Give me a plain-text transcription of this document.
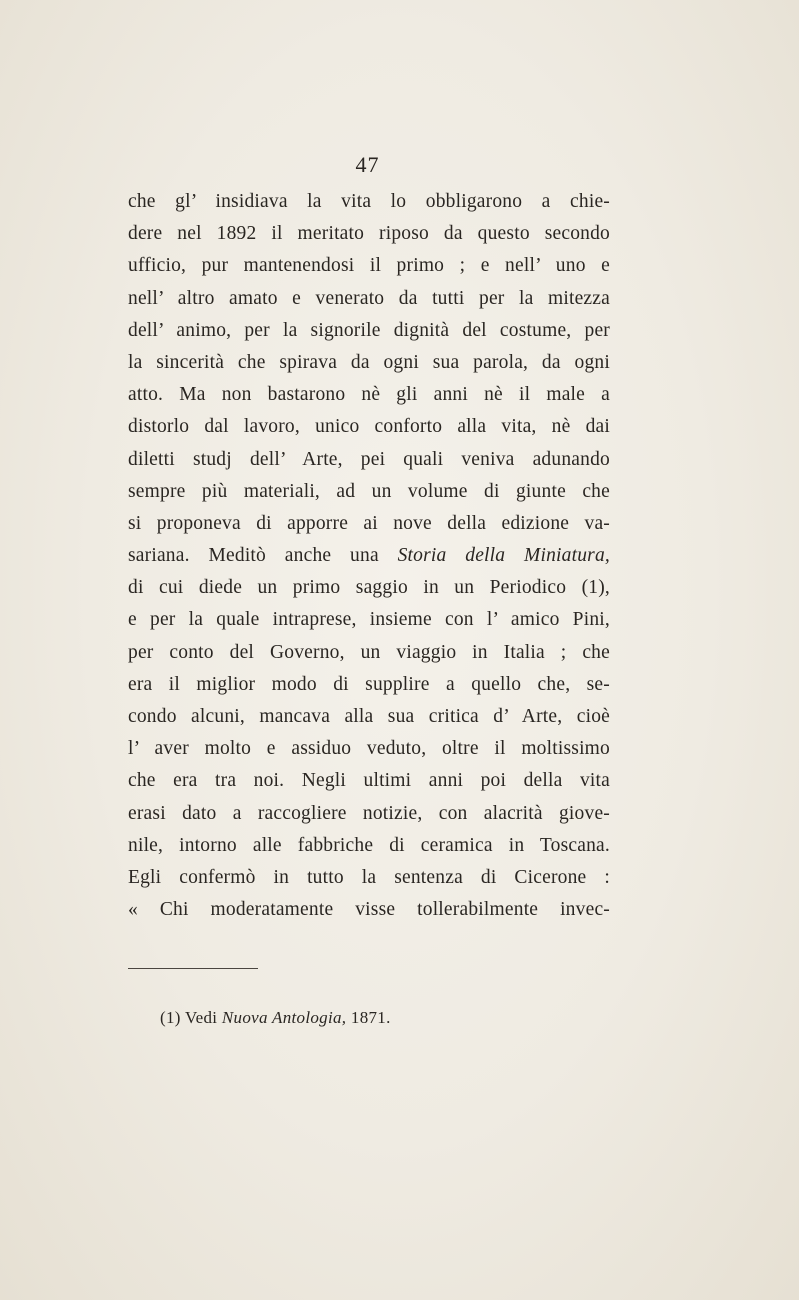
47
che gl’ insidiava la vita lo obbligarono a chie-
dere nel 1892 il meritato riposo da questo secondo
ufficio, pur mantenendosi il primo ; e nell’ uno e
nell’ altro amato e venerato da tutti per la mitezza
dell’ animo, per la signorile dignità del costume, per
la sincerità che spirava da ogni sua parola, da ogni
atto. Ma non bastarono nè gli anni nè il male a
distorlo dal lavoro, unico conforto alla vita, nè dai
diletti studj dell’ Arte, pei quali veniva adunando
sempre più materiali, ad un volume di giunte che
si proponeva di apporre ai nove della edizione va-
sariana. Meditò anche una Storia della Miniatura,
di cui diede un primo saggio in un Periodico (1),
e per la quale intraprese, insieme con l’ amico Pini,
per conto del Governo, un viaggio in Italia ; che
era il miglior modo di supplire a quello che, se-
condo alcuni, mancava alla sua critica d’ Arte, cioè
l’ aver molto e assiduo veduto, oltre il moltissimo
che era tra noi. Negli ultimi anni poi della vita
erasi dato a raccogliere notizie, con alacrità giove-
nile, intorno alle fabbriche di ceramica in Toscana.
Egli confermò in tutto la sentenza di Cicerone :
« Chi moderatamente visse tollerabilmente invec-
(1) Vedi Nuova Antologia, 1871.
